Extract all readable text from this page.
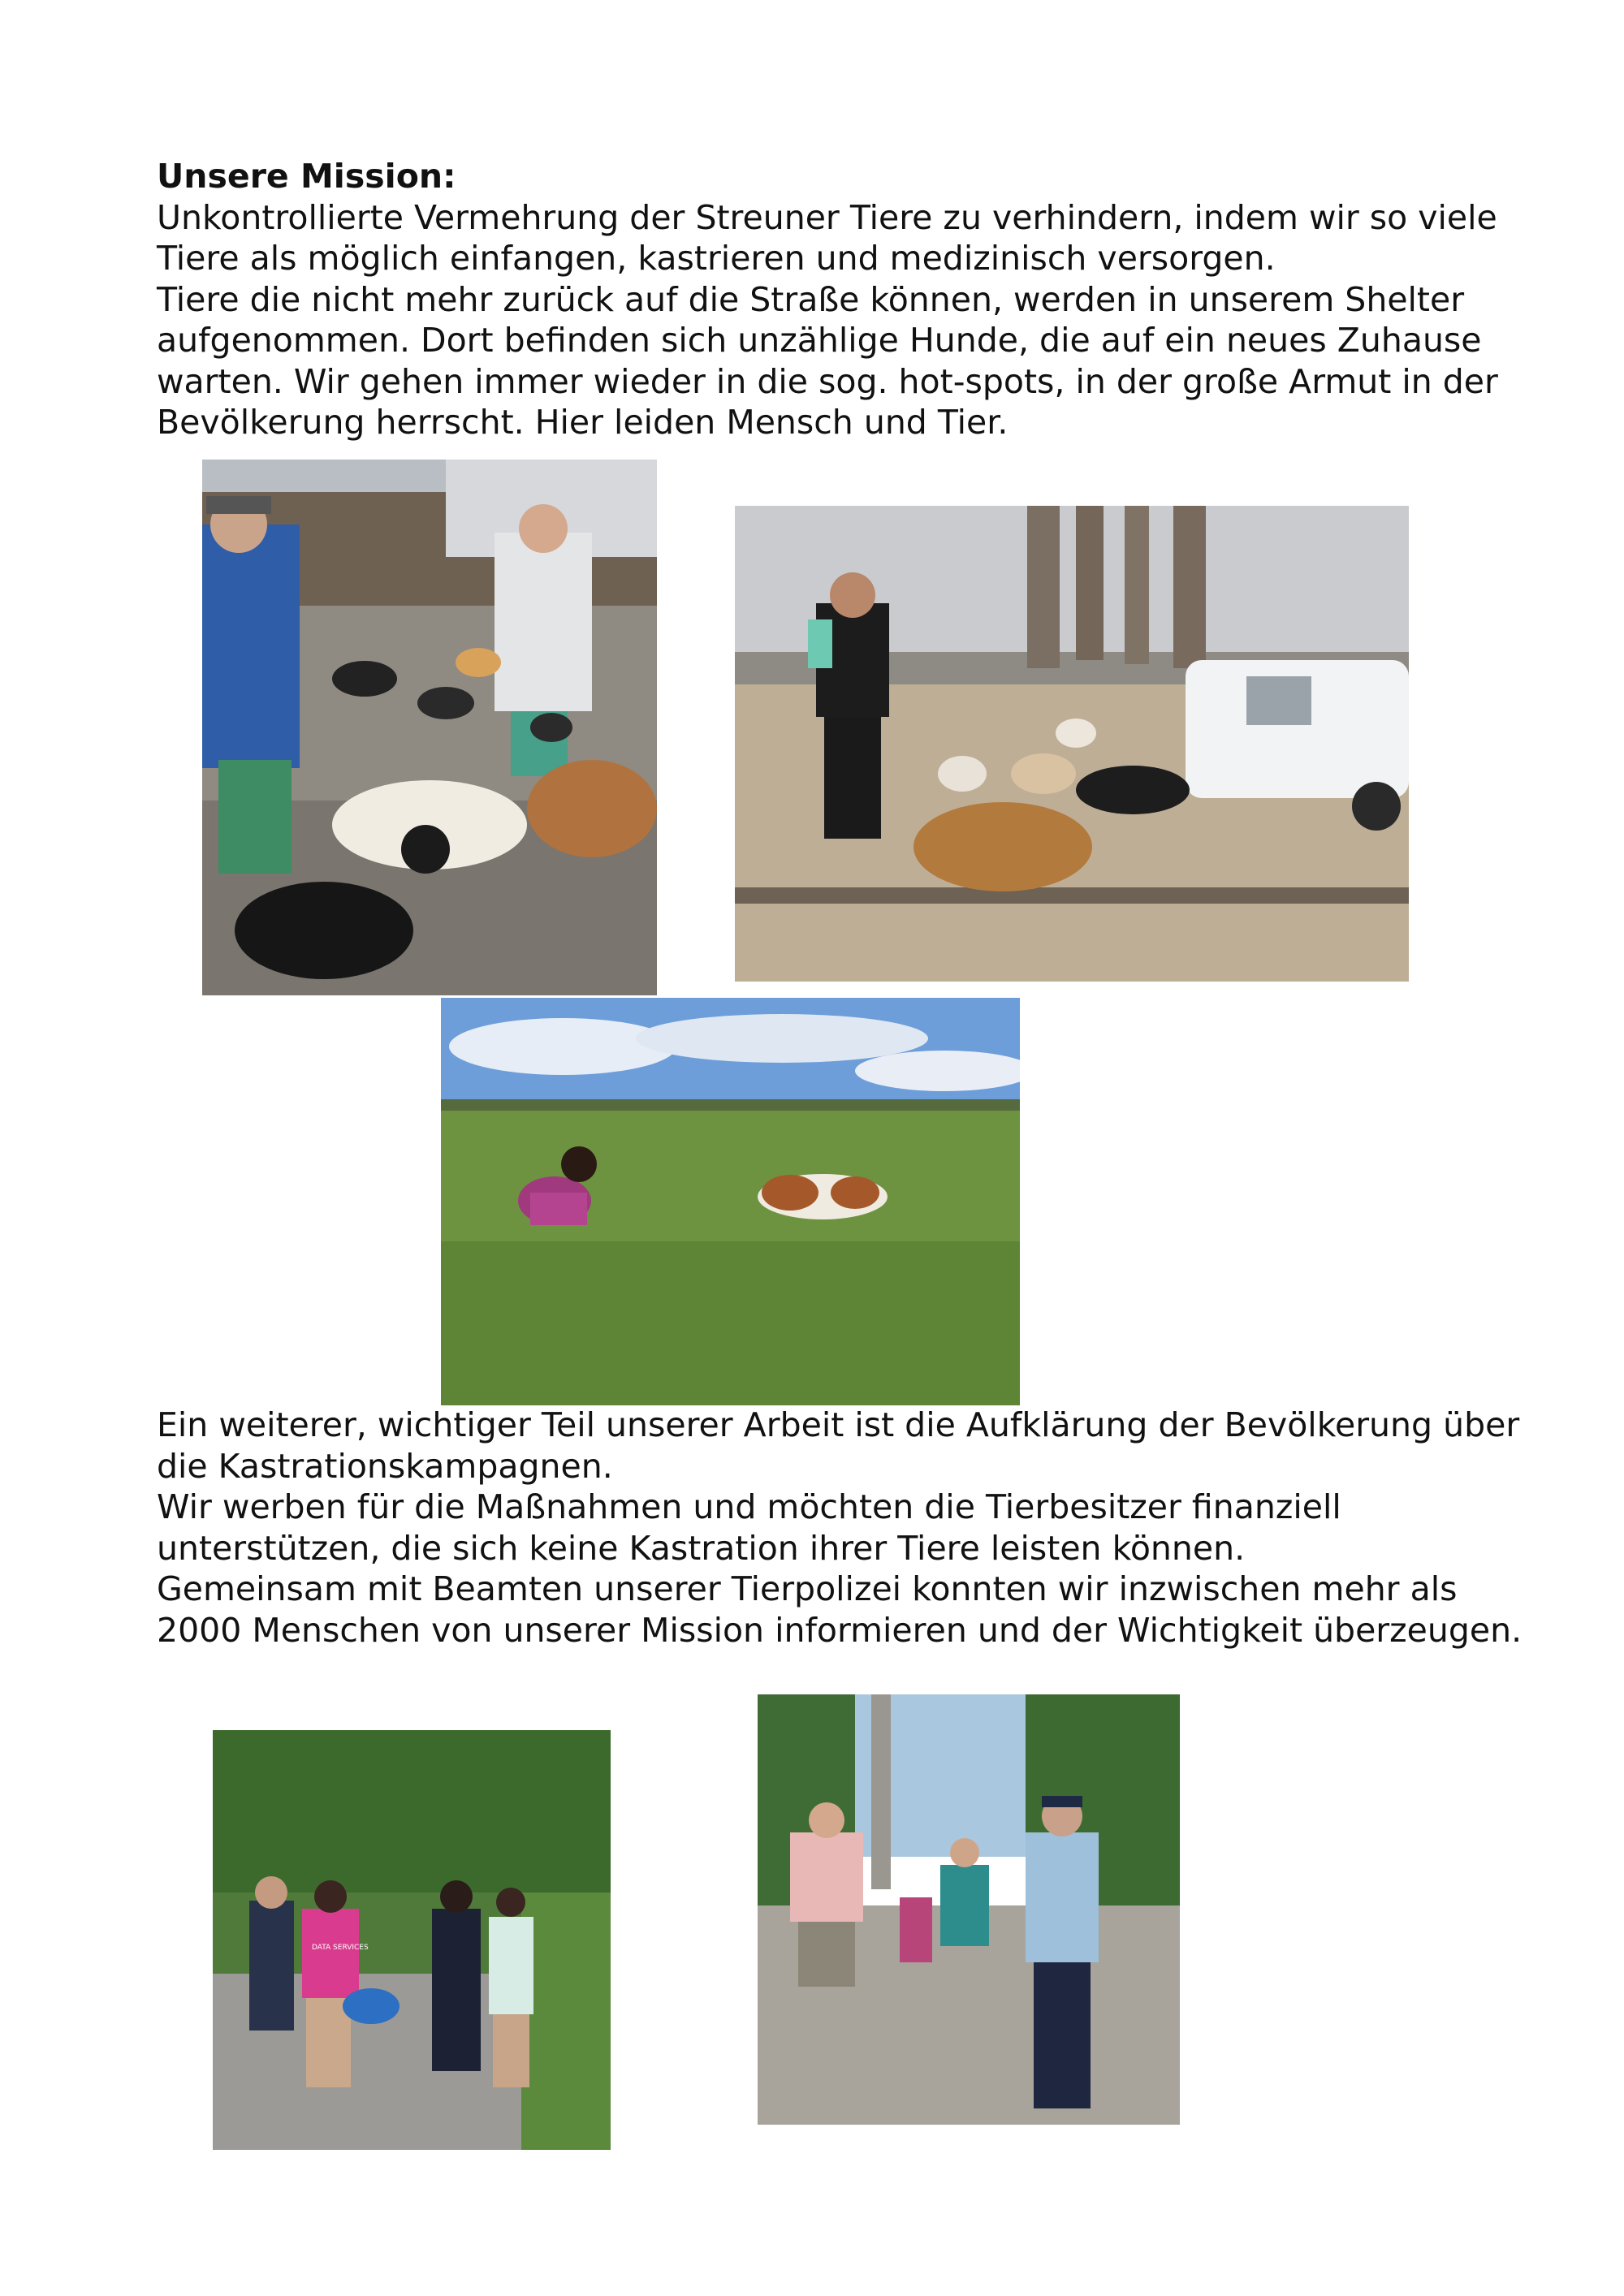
Unsere Mission:
Unkontrollierte Vermehrung der Streuner Tiere zu verhindern, indem wir so viele
Tiere als möglich einfangen, kastrieren und medizinisch versorgen.
Tiere die nicht mehr zurück auf die Straße können, werden in unserem Shelter
aufgenommen. Dort befinden sich unzählige Hunde, die auf ein neues Zuhause
warten. Wir gehen immer wieder in die sog. hot-spots, in der große Armut in der
Bevölkerung herrscht. Hier leiden Mensch und Tier.
Ein weiterer, wichtiger Teil unserer Arbeit ist die Aufklärung der Bevölkerung über
die Kastrationskampagnen.
Wir werben für die Maßnahmen und möchten die Tierbesitzer finanziell
unterstützen, die sich keine Kastration ihrer Tiere leisten können.
Gemeinsam mit Beamten unserer Tierpolizei konnten wir inzwischen mehr als
2000 Menschen von unserer Mission informieren und der Wichtigkeit überzeugen.
DATA SERVICES
